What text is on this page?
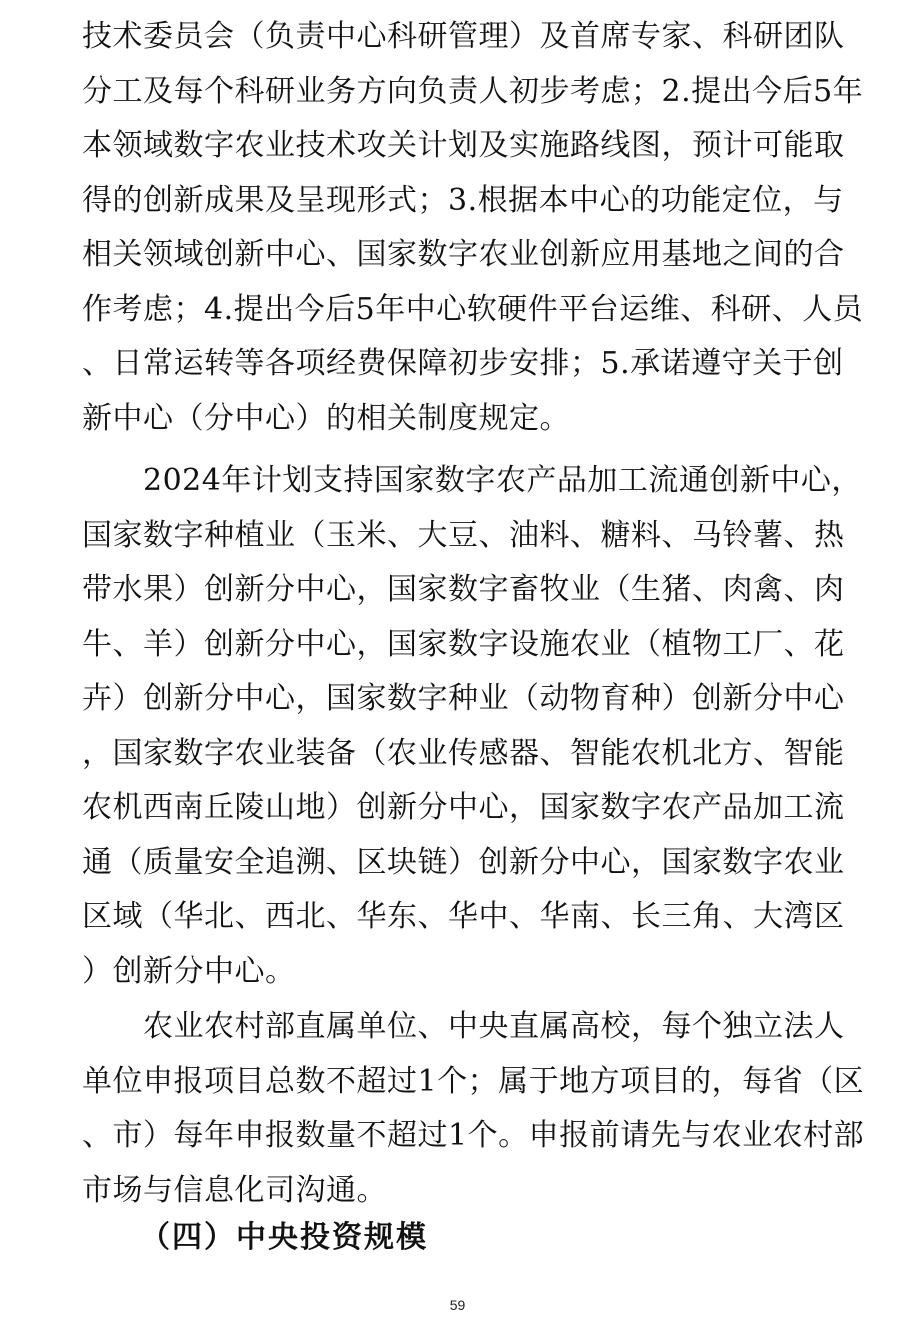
技术委员会（负责中心科研管理）及首席专家、科研团队
分工及每个科研业务方向负责人初步考虑；2.提出今后5年
本领域数字农业技术攻关计划及实施路线图，预计可能取
得的创新成果及呈现形式；3.根据本中心的功能定位，与
相关领域创新中心、国家数字农业创新应用基地之间的合
作考虑；4.提出今后5年中心软硬件平台运维、科研、人员
、日常运转等各项经费保障初步安排；5.承诺遵守关于创
新中心（分中心）的相关制度规定。
　　2024年计划支持国家数字农产品加工流通创新中心，
国家数字种植业（玉米、大豆、油料、糖料、马铃薯、热
带水果）创新分中心，国家数字畜牧业（生猪、肉禽、肉
牛、羊）创新分中心，国家数字设施农业（植物工厂、花
卉）创新分中心，国家数字种业（动物育种）创新分中心
，国家数字农业装备（农业传感器、智能农机北方、智能
农机西南丘陵山地）创新分中心，国家数字农产品加工流
通（质量安全追溯、区块链）创新分中心，国家数字农业
区域（华北、西北、华东、华中、华南、长三角、大湾区
）创新分中心。
　　农业农村部直属单位、中央直属高校，每个独立法人
单位申报项目总数不超过1个；属于地方项目的，每省（区
、市）每年申报数量不超过1个。申报前请先与农业农村部
市场与信息化司沟通。
（四）中央投资规模
59
